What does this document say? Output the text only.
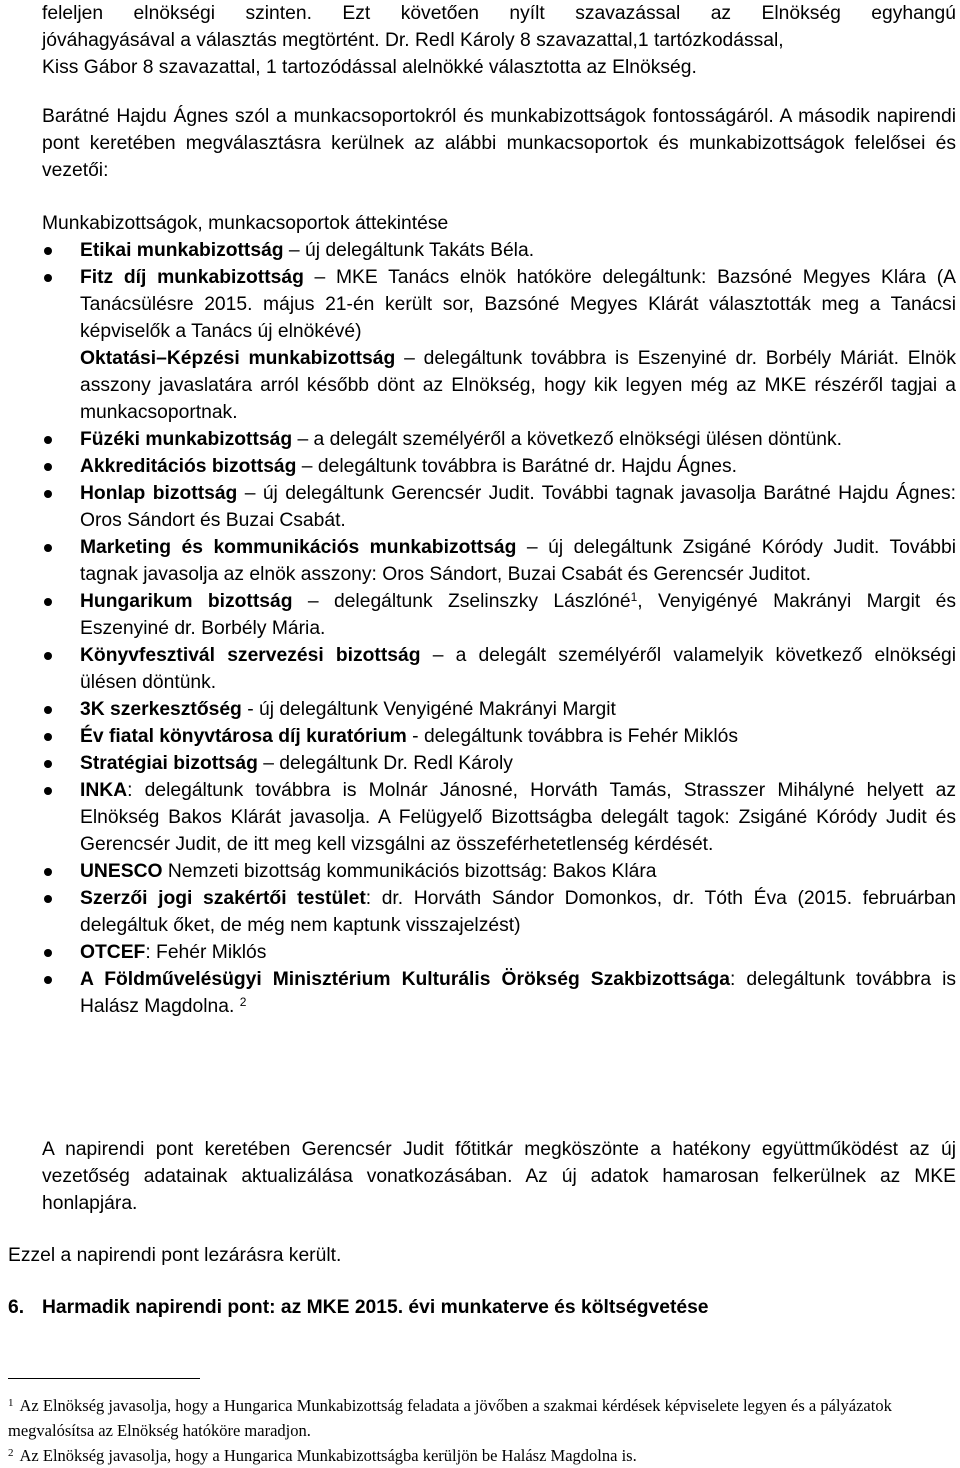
feleljen elnökségi szinten. Ezt követően nyílt szavazással az Elnökség egyhangú
jóváhagyásával a választás megtörtént. Dr. Redl Károly 8 szavazattal,1 tartózkodással,
Kiss Gábor 8 szavazattal, 1 tartozódással alelnökké választotta az Elnökség.
Barátné Hajdu Ágnes szól a munkacsoportokról és munkabizottságok fontosságáról. A második napirendi pont keretében megválasztásra kerülnek az alábbi munkacsoportok és munkabizottságok felelősei és vezetői:
Munkabizottságok, munkacsoportok áttekintése
Etikai munkabizottság – új delegáltunk Takáts Béla.
Fitz díj munkabizottság – MKE Tanács elnök hatóköre delegáltunk: Bazsóné Megyes Klára (A Tanácsülésre 2015. május 21-én került sor, Bazsóné Megyes Klárát választották meg a Tanácsi képviselők a Tanács új elnökévé)
Oktatási–Képzési munkabizottság – delegáltunk továbbra is Eszenyiné dr. Borbély Máriát. Elnök asszony javaslatára arról később dönt az Elnökség, hogy kik legyen még az MKE részéről tagjai a munkacsoportnak.
Füzéki munkabizottság – a delegált személyéről a következő elnökségi ülésen döntünk.
Akkreditációs bizottság – delegáltunk továbbra is Barátné dr. Hajdu Ágnes.
Honlap bizottság – új delegáltunk Gerencsér Judit. További tagnak javasolja Barátné Hajdu Ágnes: Oros Sándort és Buzai Csabát.
Marketing és kommunikációs munkabizottság – új delegáltunk Zsigáné Kóródy Judit. További tagnak javasolja az elnök asszony: Oros Sándort, Buzai Csabát és Gerencsér Juditot.
Hungarikum bizottság – delegáltunk Zselinszky Lászlóné$^1$, Venyigényé Makrányi Margit és Eszenyiné dr. Borbély Mária.
Könyvfesztivál szervezési bizottság – a delegált személyéről valamelyik következő elnökségi ülésen döntünk.
3K szerkesztőség - új delegáltunk Venyigéné Makrányi Margit
Év fiatal könyvtárosa díj kuratórium - delegáltunk továbbra is Fehér Miklós
Stratégiai bizottság – delegáltunk Dr. Redl Károly
INKA: delegáltunk továbbra is Molnár Jánosné, Horváth Tamás, Strasszer Mihályné helyett az Elnökség Bakos Klárát javasolja. A Felügyelő Bizottságba delegált tagok: Zsigáné Kóródy Judit és Gerencsér Judit, de itt meg kell vizsgálni az összeférhetetlenség kérdését.
UNESCO Nemzeti bizottság kommunikációs bizottság: Bakos Klára
Szerzői jogi szakértői testület: dr. Horváth Sándor Domonkos, dr. Tóth Éva (2015. februárban delegáltuk őket, de még nem kaptunk visszajelzést)
OTCEF: Fehér Miklós
A Földművelésügyi Minisztérium Kulturális Örökség Szakbizottsága: delegáltunk továbbra is Halász Magdolna. $^2$
A napirendi pont keretében Gerencsér Judit főtitkár megköszönte a hatékony együttműködést az új vezetőség adatainak aktualizálása vonatkozásában. Az új adatok hamarosan felkerülnek az MKE honlapjára.
Ezzel a napirendi pont lezárásra került.
6. Harmadik napirendi pont: az MKE 2015. évi munkaterve és költségvetése
$^1$ Az Elnökség javasolja, hogy a Hungarica Munkabizottság feladata a jövőben a szakmai kérdések képviselete legyen és a pályázatok megvalósítsa az Elnökség hatóköre maradjon.
$^2$ Az Elnökség javasolja, hogy a Hungarica Munkabizottságba kerüljön be Halász Magdolna is.
